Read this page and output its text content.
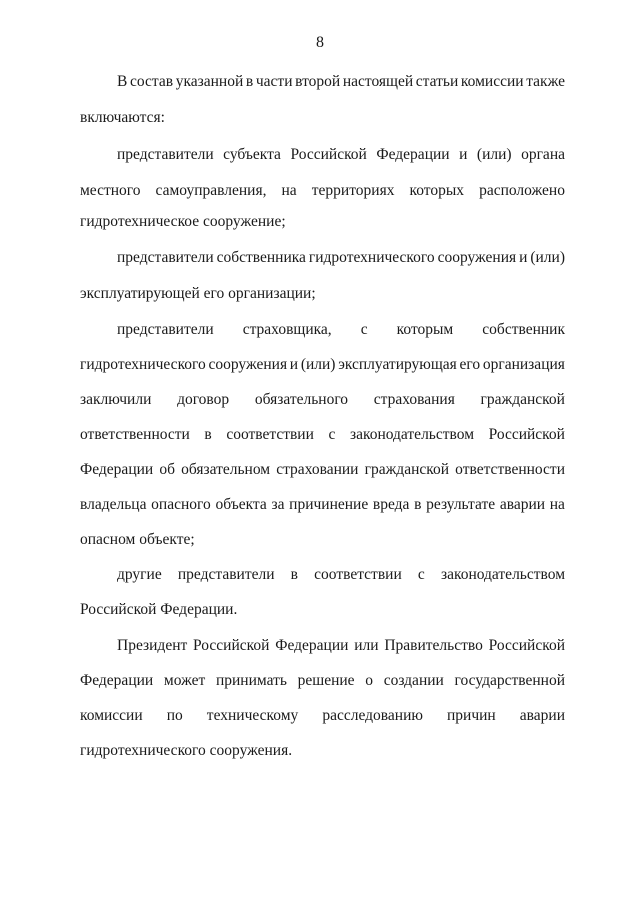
8
В состав указанной в части второй настоящей статьи комиссии также
включаются:
представители субъекта Российской Федерации и (или) органа
местного самоуправления, на территориях которых расположено
гидротехническое сооружение;
представители собственника гидротехнического сооружения и (или)
эксплуатирующей его организации;
представители страховщика, с которым собственник
гидротехнического сооружения и (или) эксплуатирующая его организация
заключили договор обязательного страхования гражданской
ответственности в соответствии с законодательством Российской
Федерации об обязательном страховании гражданской ответственности
владельца опасного объекта за причинение вреда в результате аварии на
опасном объекте;
другие представители в соответствии с законодательством
Российской Федерации.
Президент Российской Федерации или Правительство Российской
Федерации может принимать решение о создании государственной
комиссии по техническому расследованию причин аварии
гидротехнического сооружения.
